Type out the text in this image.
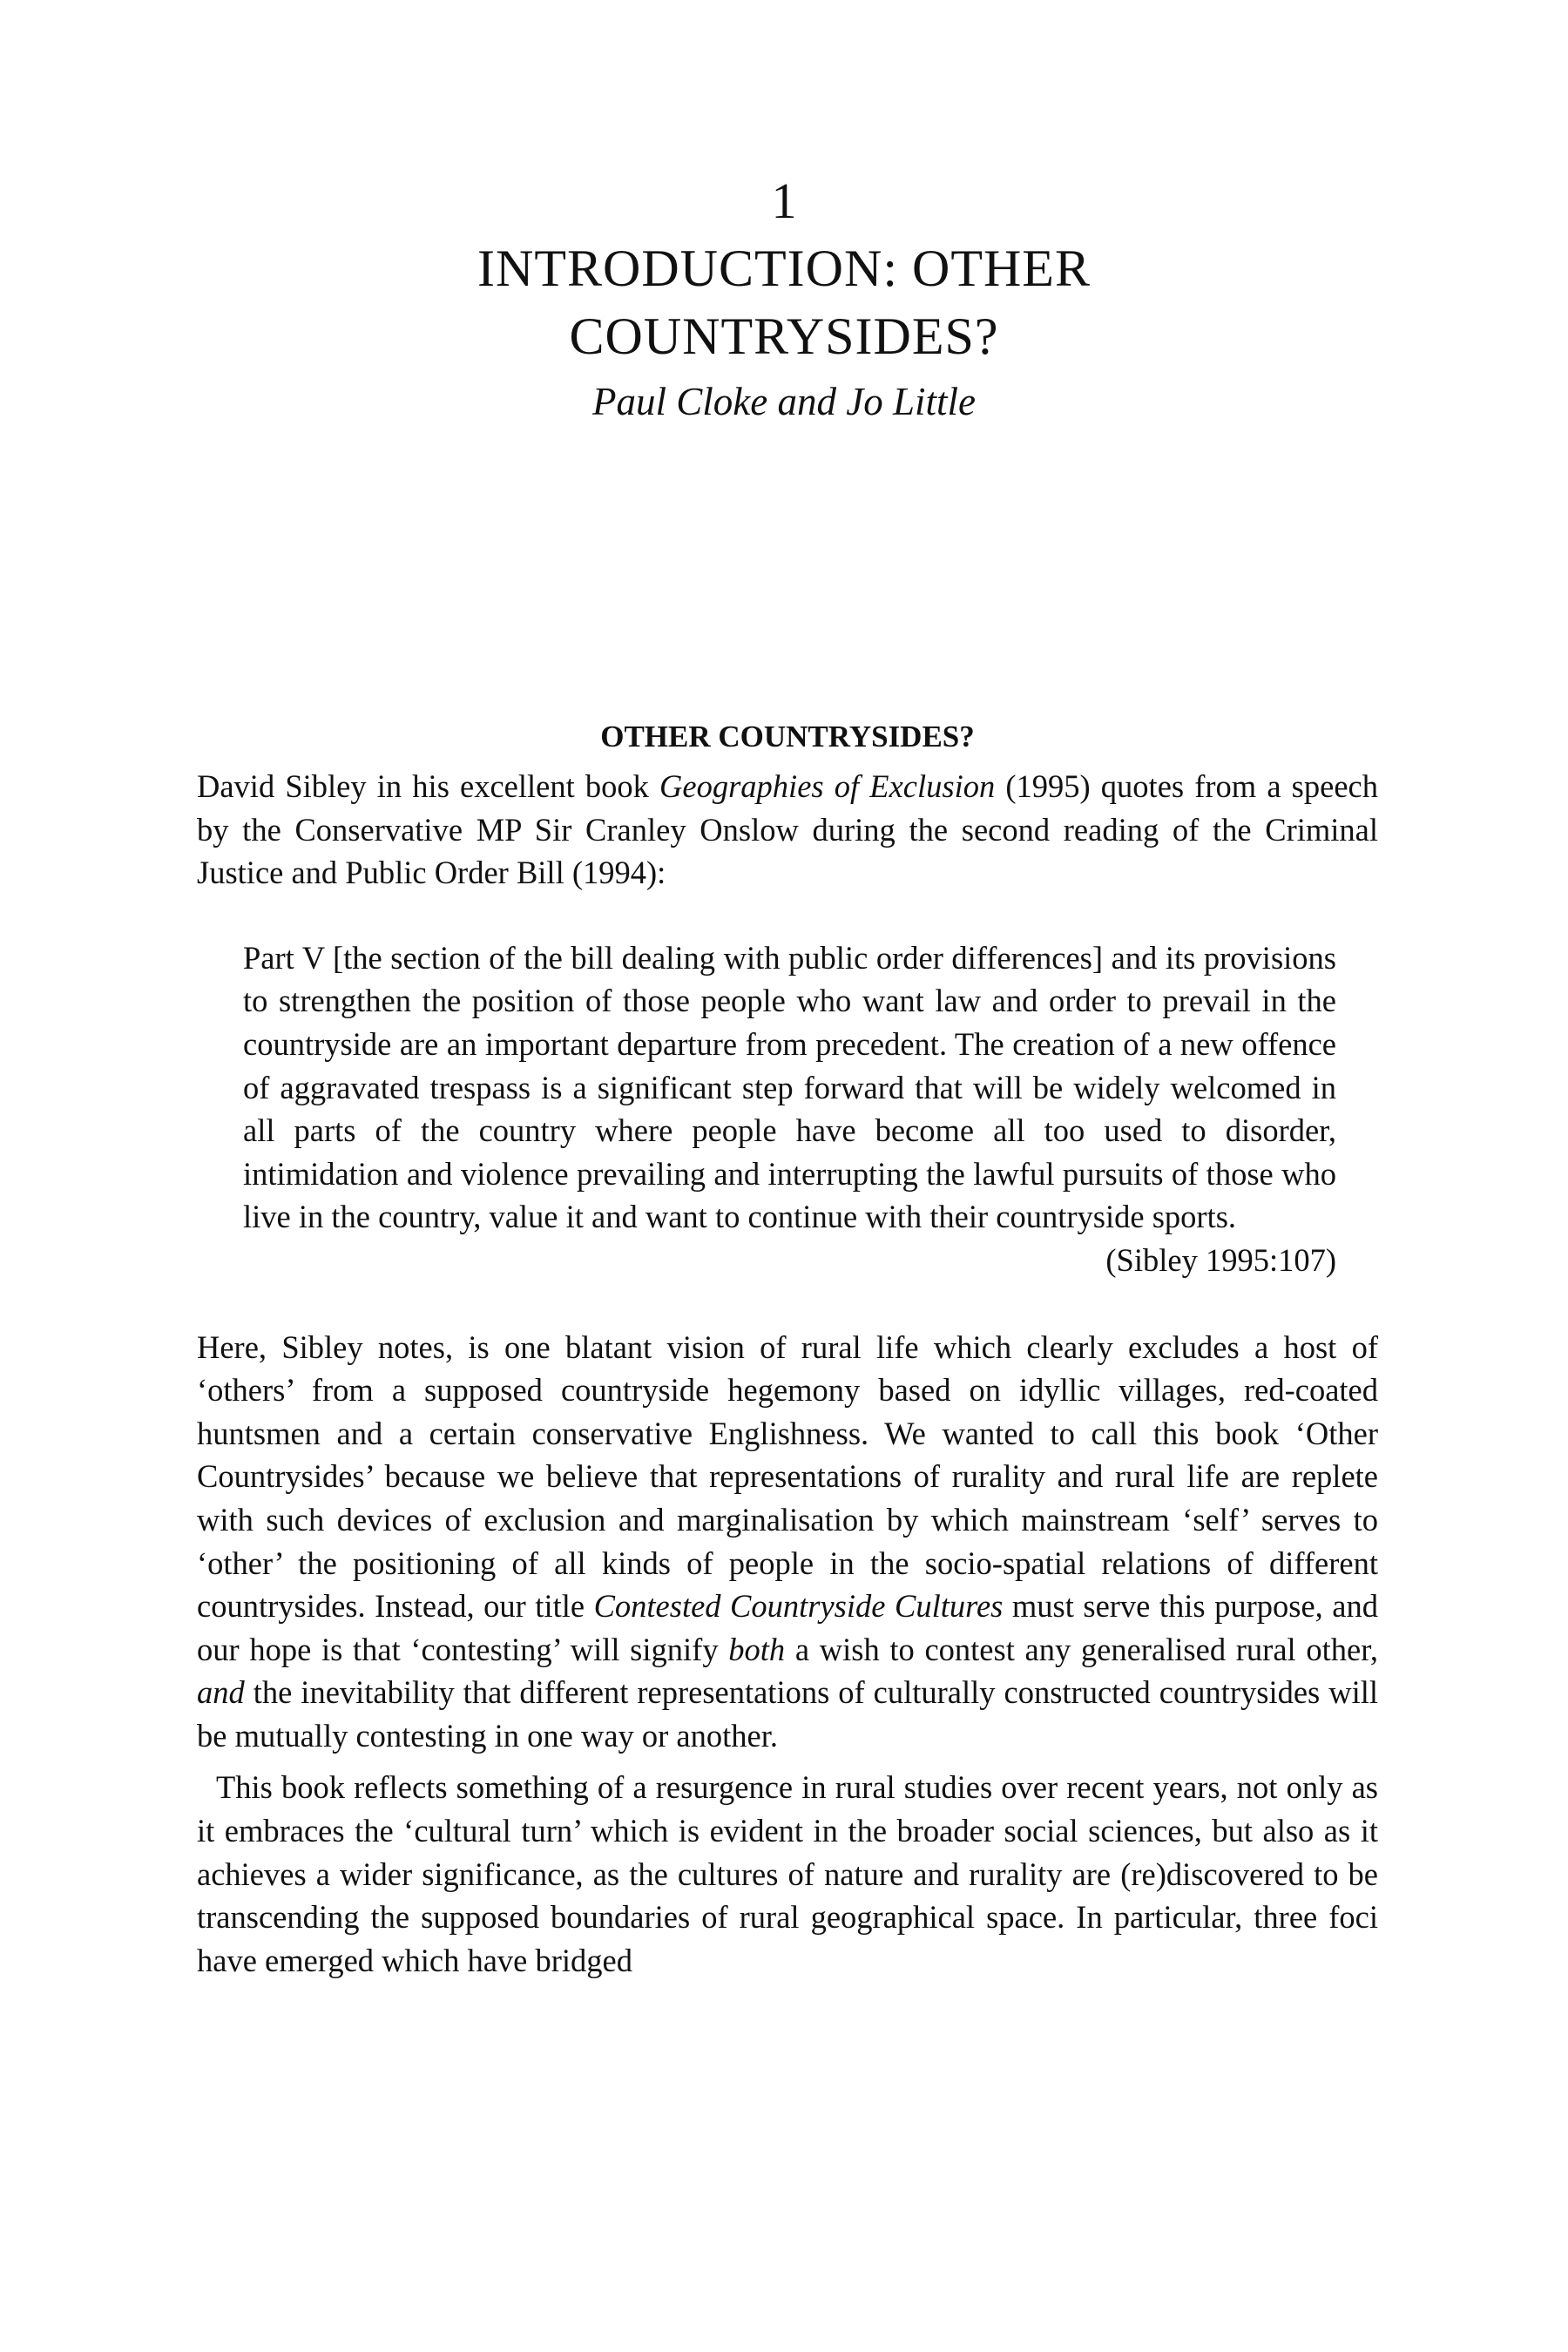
1
INTRODUCTION: OTHER
COUNTRYSIDES?
Paul Cloke and Jo Little
OTHER COUNTRYSIDES?

David Sibley in his excellent book Geographies of Exclusion (1995) quotes from a speech by the Conservative MP Sir Cranley Onslow during the second reading of the Criminal Justice and Public Order Bill (1994):

Part V [the section of the bill dealing with public order differences] and its provisions to strengthen the position of those people who want law and order to prevail in the countryside are an important departure from precedent. The creation of a new offence of aggravated trespass is a significant step forward that will be widely welcomed in all parts of the country where people have become all too used to disorder, intimidation and violence prevailing and interrupting the lawful pursuits of those who live in the country, value it and want to continue with their countryside sports.

(Sibley 1995:107)

Here, Sibley notes, is one blatant vision of rural life which clearly excludes a host of ‘others’ from a supposed countryside hegemony based on idyllic villages, red-coated huntsmen and a certain conservative Englishness. We wanted to call this book ‘Other Countrysides’ because we believe that representations of rurality and rural life are replete with such devices of exclusion and marginalisation by which mainstream ‘self’ serves to ‘other’ the positioning of all kinds of people in the socio-spatial relations of different countrysides. Instead, our title Contested Countryside Cultures must serve this purpose, and our hope is that ‘contesting’ will signify both a wish to contest any generalised rural other, and the inevitability that different representations of culturally constructed countrysides will be mutually contesting in one way or another.

This book reflects something of a resurgence in rural studies over recent years, not only as it embraces the ‘cultural turn’ which is evident in the broader social sciences, but also as it achieves a wider significance, as the cultures of nature and rurality are (re)discovered to be transcending the supposed boundaries of rural geographical space. In particular, three foci have emerged which have bridged
